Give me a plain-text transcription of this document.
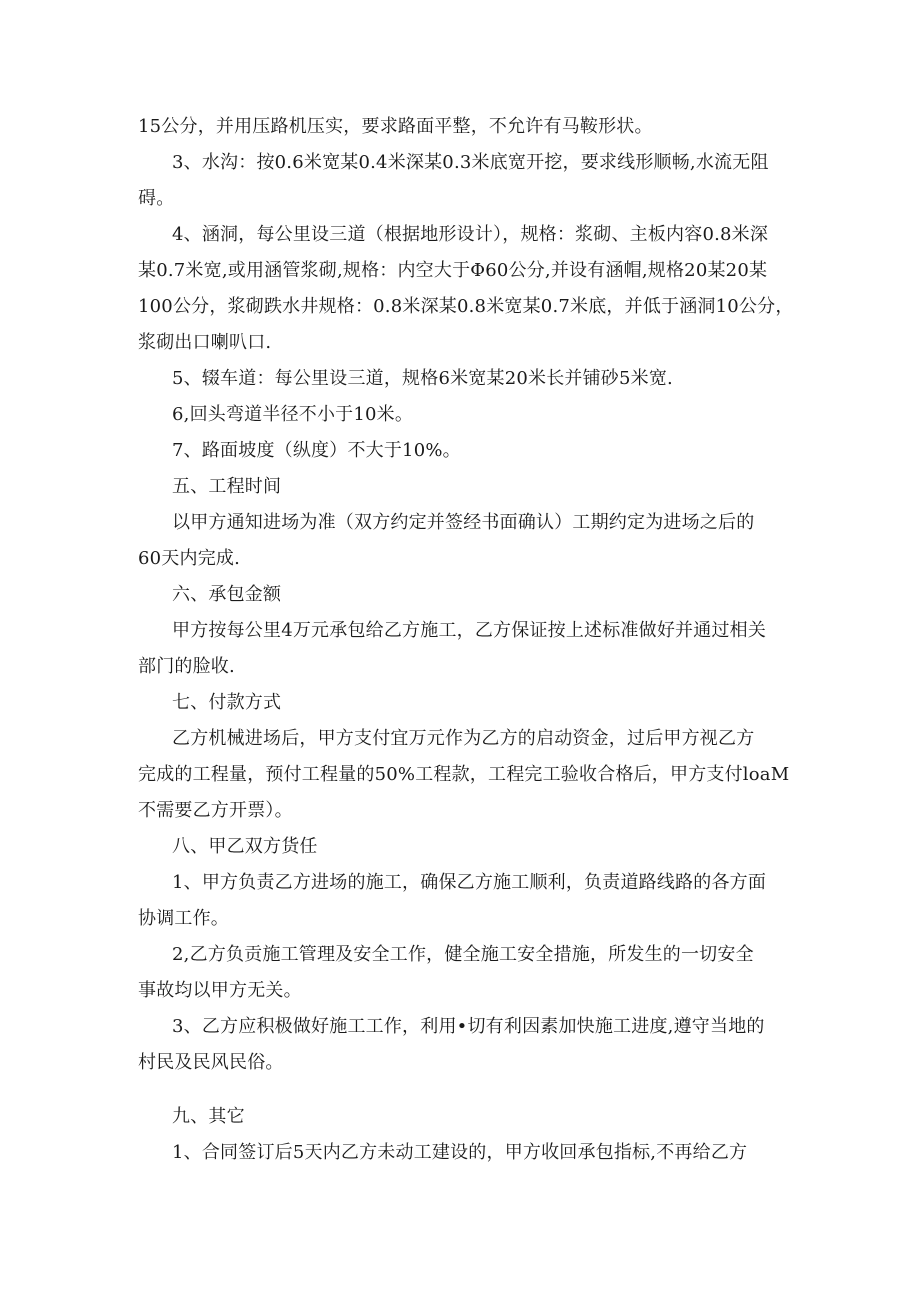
15公分，并用压路机压实，要求路面平整，不允许有马鞍形状。
3、水沟：按0.6米宽某0.4米深某0.3米底宽开挖，要求线形顺畅,水流无阻
碍。
4、涵洞，每公里设三道（根据地形设计），规格：浆砌、主板内容0.8米深
某0.7米宽,或用涵管浆砌,规格：内空大于Φ60公分,并设有涵帽,规格20某20某
100公分，浆砌跌水井规格：0.8米深某0.8米宽某0.7米底，并低于涵洞10公分，
浆砌出口喇叭口.
5、辍车道：每公里设三道，规格6米宽某20米长并铺砂5米宽.
6,回头弯道半径不小于10米。
7、路面坡度（纵度）不大于10%。
五、工程时间
以甲方通知进场为准（双方约定并签经书面确认）工期约定为进场之后的
60天内完成.
六、承包金额
甲方按每公里4万元承包给乙方施工，乙方保证按上述标准做好并通过相关
部门的脸收.
七、付款方式
乙方机械进场后，甲方支付宜万元作为乙方的启动资金，过后甲方视乙方
完成的工程量，预付工程量的50%工程款，工程完工验收合格后，甲方支付loaM
不需要乙方开票）。
八、甲乙双方货任
1、甲方负责乙方进场的施工，确保乙方施工顺利，负责道路线路的各方面
协调工作。
2,乙方负贡施工管理及安全工作，健全施工安全措施，所发生的一切安全
事故均以甲方无关。
3、乙方应积极做好施工工作，利用•切有利因素加快施工进度,遵守当地的
村民及民风民俗。
九、其它
1、合同签订后5天内乙方未动工建设的，甲方收回承包指标,不再给乙方
